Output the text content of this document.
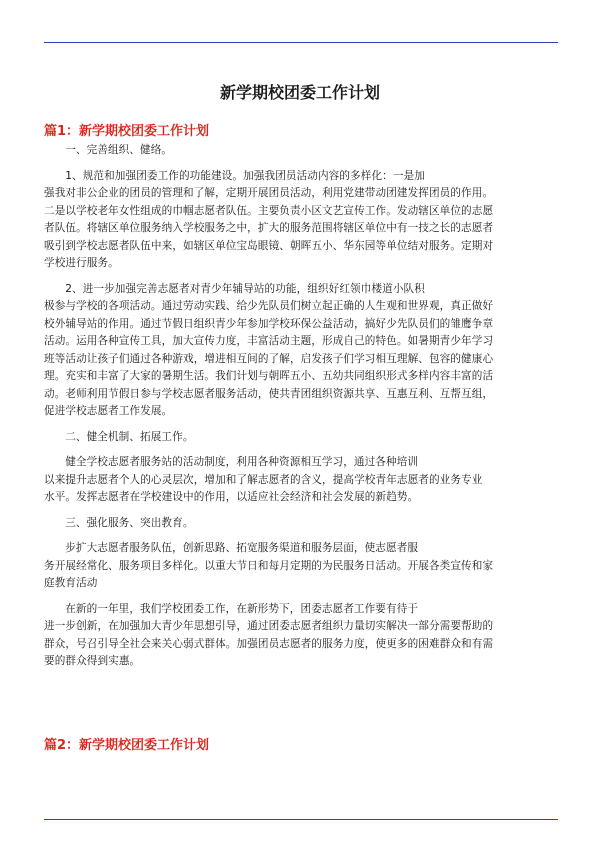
新学期校团委工作计划
篇1：新学期校团委工作计划

一、完善组织、健络。

1、规范和加强团委工作的功能建设。加强我团员活动内容的多样化：一是加
强我对非公企业的团员的管理和了解，定期开展团员活动，利用党建带动团建发挥团员的作用。
二是以学校老年女性组成的巾帼志愿者队伍。主要负责小区文艺宣传工作。发动辖区单位的志愿
者队伍。将辖区单位服务纳入学校服务之中，扩大的服务范围将辖区单位中有一技之长的志愿者
吸引到学校志愿者队伍中来，如辖区单位宝岛眼镜、朝晖五小、华东园等单位结对服务。定期对
学校进行服务。

2、进一步加强完善志愿者对青少年辅导站的功能，组织好红领巾楼道小队积
极参与学校的各项活动。通过劳动实践、给少先队员们树立起正确的人生观和世界观，真正做好
校外辅导站的作用。通过节假日组织青少年参加学校环保公益活动，搞好少先队员们的雏鹰争章
活动。运用各种宣传工具，加大宣传力度，丰富活动主题，形成自己的特色。如暑期青少年学习
班等活动让孩子们通过各种游戏，增进相互间的了解，启发孩子们学习相互理解、包容的健康心
理。充实和丰富了大家的暑期生活。我们计划与朝晖五小、五幼共同组织形式多样内容丰富的活
动。老师利用节假日参与学校志愿者服务活动，使共青团组织资源共享、互惠互利、互帮互组，
促进学校志愿者工作发展。

二、健全机制、拓展工作。

健全学校志愿者服务站的活动制度，利用各种资源相互学习，通过各种培训
以来提升志愿者个人的心灵层次，增加和了解志愿者的含义，提高学校青年志愿者的业务专业
水平。发挥志愿者在学校建设中的作用，以适应社会经济和社会发展的新趋势。

三、强化服务、突出教育。

步扩大志愿者服务队伍，创新思路、拓宽服务渠道和服务层面，使志愿者服
务开展经常化、服务项目多样化。以重大节日和每月定期的为民服务日活动。开展各类宣传和家
庭教育活动

在新的一年里，我们学校团委工作，在新形势下，团委志愿者工作要有待于
进一步创新，在加强加大青少年思想引导，通过团委志愿者组织力量切实解决一部分需要帮助的
群众，号召引导全社会来关心弱式群体。加强团员志愿者的服务力度，使更多的困难群众和有需
要的群众得到实惠。

篇2：新学期校团委工作计划
